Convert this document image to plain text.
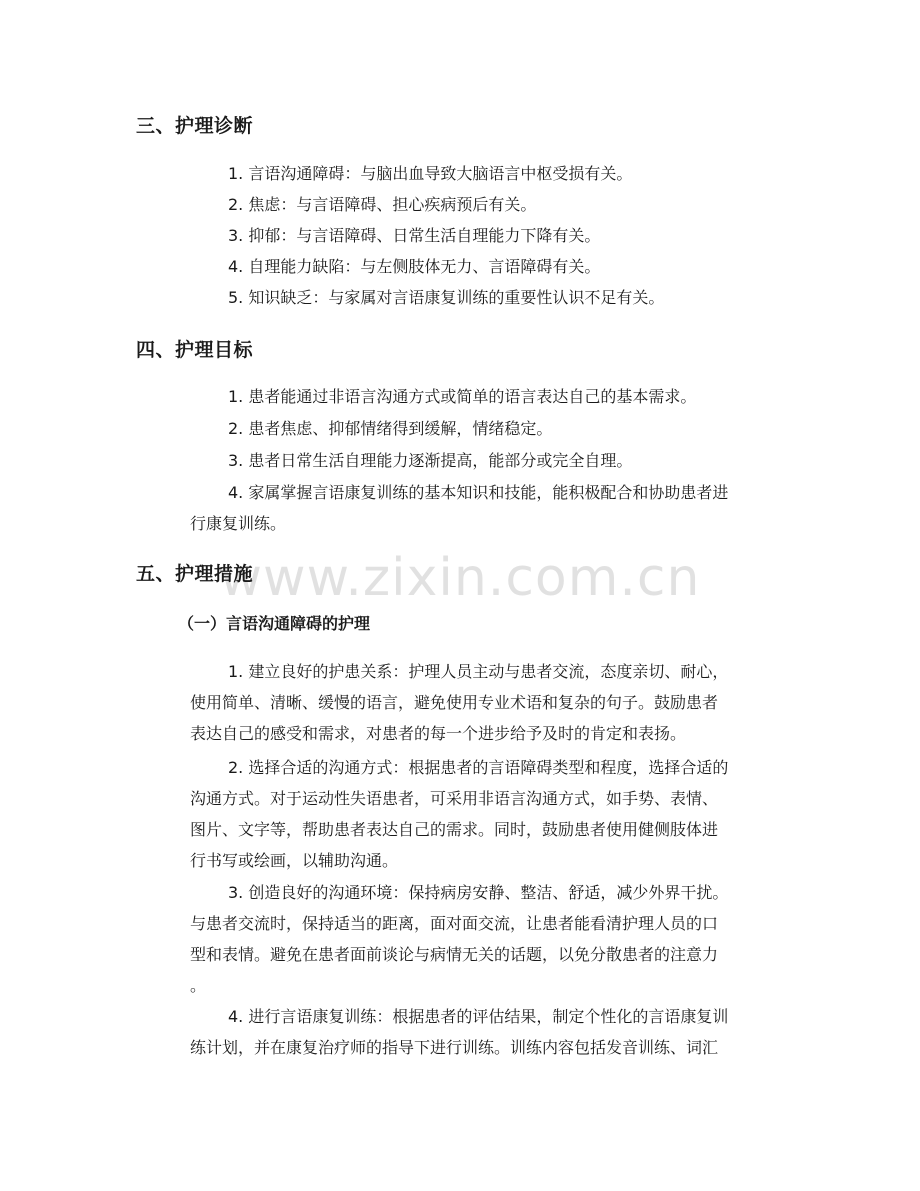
www.zixin.com.cn
三、护理诊断
1. 言语沟通障碍：与脑出血导致大脑语言中枢受损有关。
2. 焦虑：与言语障碍、担心疾病预后有关。
3. 抑郁：与言语障碍、日常生活自理能力下降有关。
4. 自理能力缺陷：与左侧肢体无力、言语障碍有关。
5. 知识缺乏：与家属对言语康复训练的重要性认识不足有关。
四、护理目标
1. 患者能通过非语言沟通方式或简单的语言表达自己的基本需求。
2. 患者焦虑、抑郁情绪得到缓解，情绪稳定。
3. 患者日常生活自理能力逐渐提高，能部分或完全自理。
4. 家属掌握言语康复训练的基本知识和技能，能积极配合和协助患者进
行康复训练。
五、护理措施
（一）言语沟通障碍的护理
1. 建立良好的护患关系：护理人员主动与患者交流，态度亲切、耐心，
使用简单、清晰、缓慢的语言，避免使用专业术语和复杂的句子。鼓励患者
表达自己的感受和需求，对患者的每一个进步给予及时的肯定和表扬。
2. 选择合适的沟通方式：根据患者的言语障碍类型和程度，选择合适的
沟通方式。对于运动性失语患者，可采用非语言沟通方式，如手势、表情、
图片、文字等，帮助患者表达自己的需求。同时，鼓励患者使用健侧肢体进
行书写或绘画，以辅助沟通。
3. 创造良好的沟通环境：保持病房安静、整洁、舒适，减少外界干扰。
与患者交流时，保持适当的距离，面对面交流，让患者能看清护理人员的口
型和表情。避免在患者面前谈论与病情无关的话题，以免分散患者的注意力
。
4. 进行言语康复训练：根据患者的评估结果，制定个性化的言语康复训
练计划，并在康复治疗师的指导下进行训练。训练内容包括发音训练、词汇
